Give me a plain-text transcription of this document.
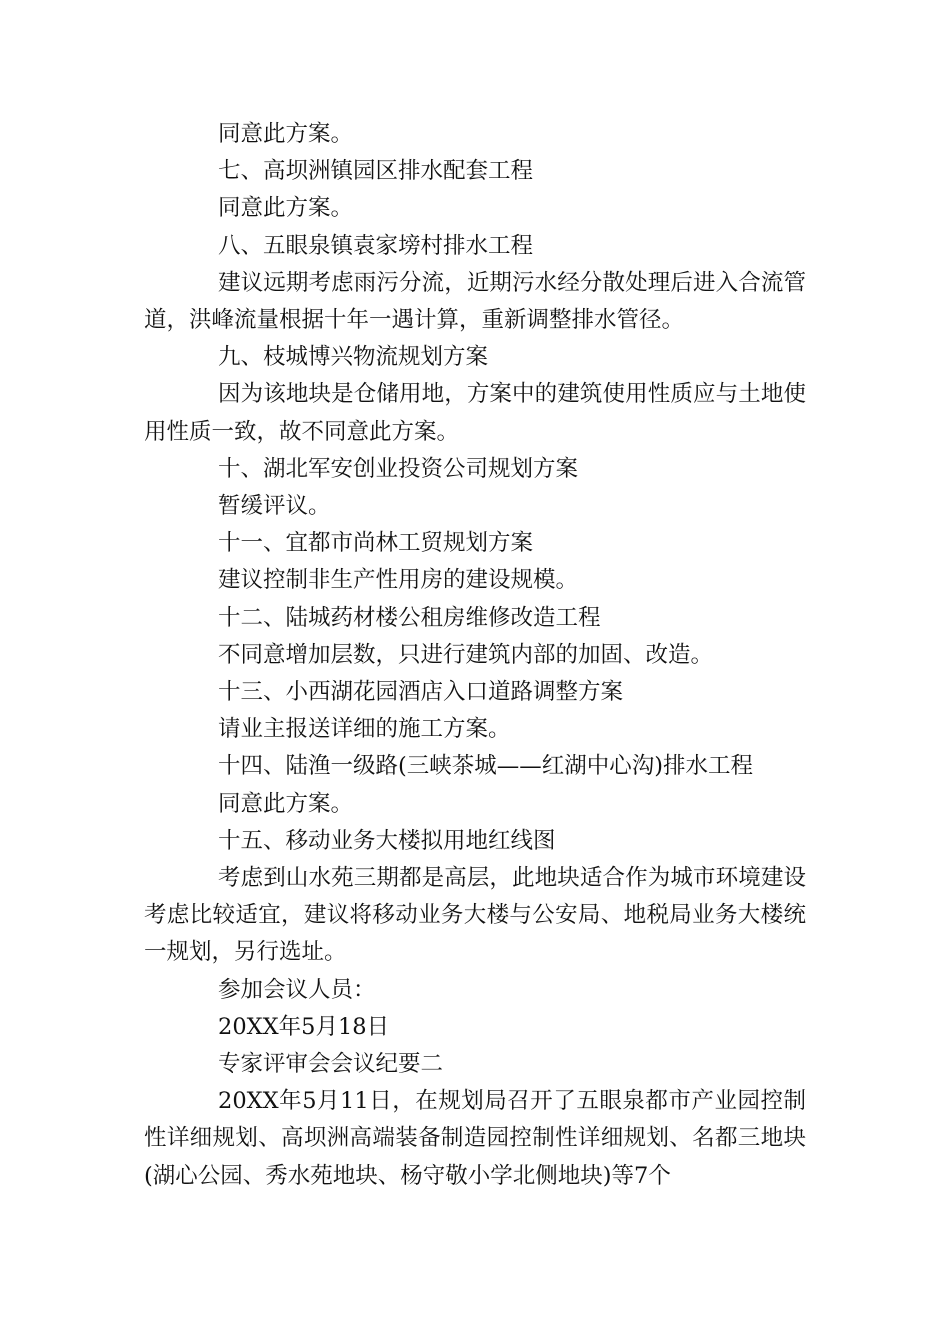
同意此方案。

七、高坝洲镇园区排水配套工程

同意此方案。

八、五眼泉镇袁家塝村排水工程

建议远期考虑雨污分流，近期污水经分散处理后进入合流管道，洪峰流量根据十年一遇计算，重新调整排水管径。

九、枝城博兴物流规划方案

因为该地块是仓储用地，方案中的建筑使用性质应与土地使用性质一致，故不同意此方案。

十、湖北军安创业投资公司规划方案

暂缓评议。

十一、宜都市尚林工贸规划方案

建议控制非生产性用房的建设规模。

十二、陆城药材楼公租房维修改造工程

不同意增加层数，只进行建筑内部的加固、改造。

十三、小西湖花园酒店入口道路调整方案

请业主报送详细的施工方案。

十四、陆渔一级路(三峡茶城——红湖中心沟)排水工程

同意此方案。

十五、移动业务大楼拟用地红线图

考虑到山水苑三期都是高层，此地块适合作为城市环境建设考虑比较适宜，建议将移动业务大楼与公安局、地税局业务大楼统一规划，另行选址。

参加会议人员：

20XX年5月18日

专家评审会会议纪要二

20XX年5月11日，在规划局召开了五眼泉都市产业园控制性详细规划、高坝洲高端装备制造园控制性详细规划、名都三地块(湖心公园、秀水苑地块、杨守敬小学北侧地块)等7个
